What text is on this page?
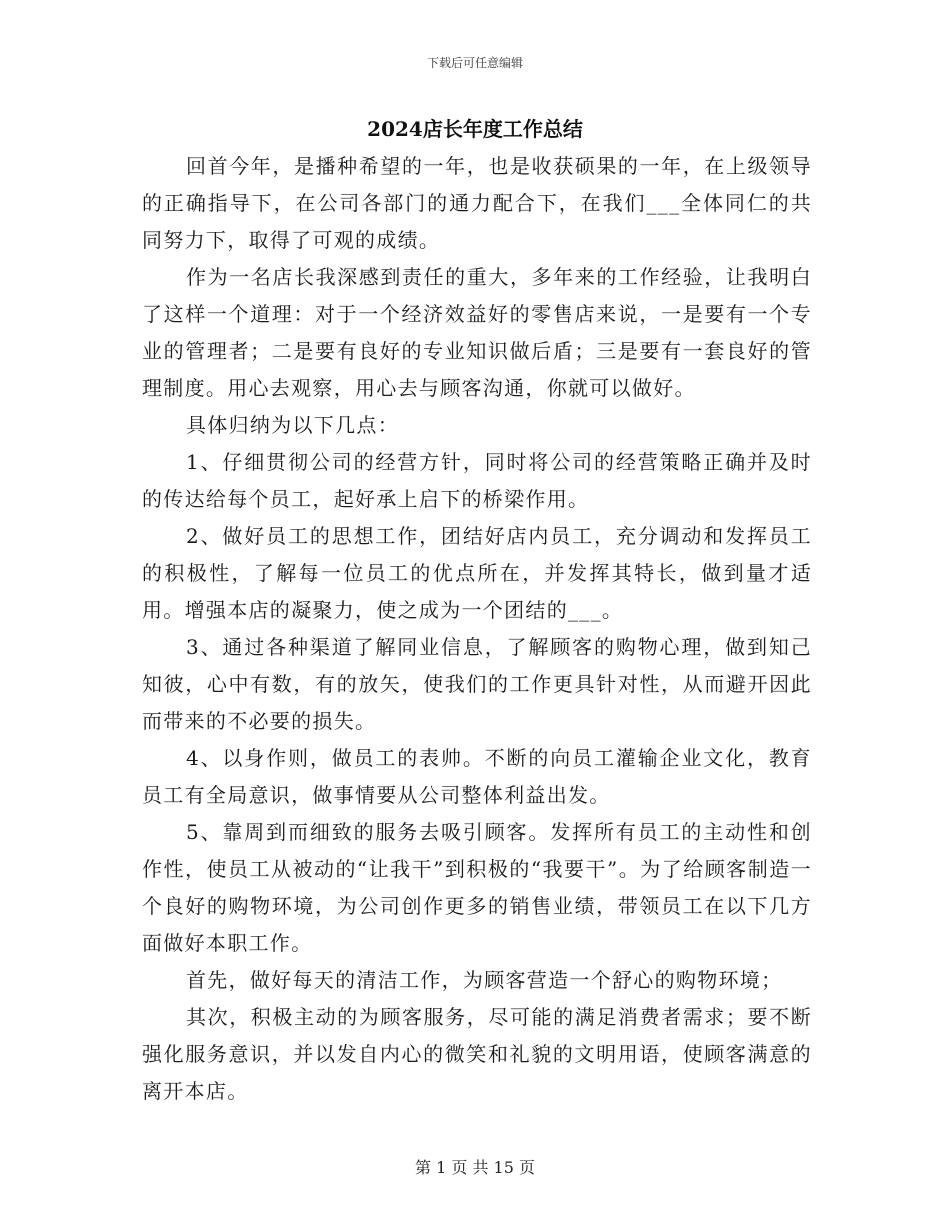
下载后可任意编辑
2024店长年度工作总结

回首今年，是播种希望的一年，也是收获硕果的一年，在上级领导的正确指导下，在公司各部门的通力配合下，在我们___全体同仁的共同努力下，取得了可观的成绩。

作为一名店长我深感到责任的重大，多年来的工作经验，让我明白了这样一个道理：对于一个经济效益好的零售店来说，一是要有一个专业的管理者；二是要有良好的专业知识做后盾；三是要有一套良好的管理制度。用心去观察，用心去与顾客沟通，你就可以做好。

具体归纳为以下几点：

1、仔细贯彻公司的经营方针，同时将公司的经营策略正确并及时的传达给每个员工，起好承上启下的桥梁作用。

2、做好员工的思想工作，团结好店内员工，充分调动和发挥员工的积极性，了解每一位员工的优点所在，并发挥其特长，做到量才适用。增强本店的凝聚力，使之成为一个团结的___。

3、通过各种渠道了解同业信息，了解顾客的购物心理，做到知己知彼，心中有数，有的放矢，使我们的工作更具针对性，从而避开因此而带来的不必要的损失。

4、以身作则，做员工的表帅。不断的向员工灌输企业文化，教育员工有全局意识，做事情要从公司整体利益出发。

5、靠周到而细致的服务去吸引顾客。发挥所有员工的主动性和创作性，使员工从被动的“让我干”到积极的“我要干”。为了给顾客制造一个良好的购物环境，为公司创作更多的销售业绩，带领员工在以下几方面做好本职工作。

首先，做好每天的清洁工作，为顾客营造一个舒心的购物环境；

其次，积极主动的为顾客服务，尽可能的满足消费者需求；要不断强化服务意识，并以发自内心的微笑和礼貌的文明用语，使顾客满意的离开本店。

第 1 页 共 15 页
